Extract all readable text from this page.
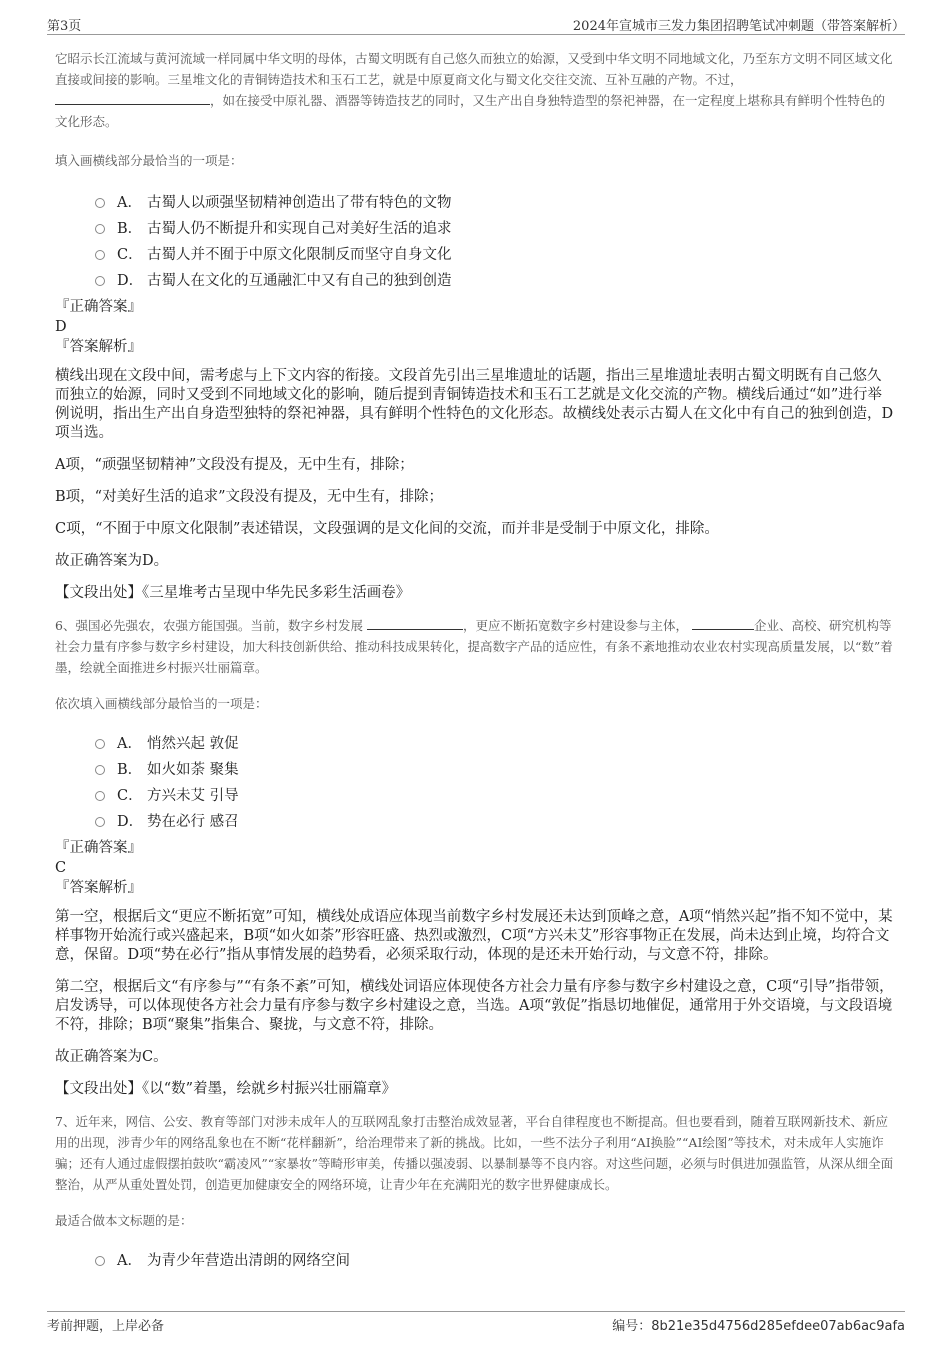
第3页	2024年宣城市三发力集团招聘笔试冲刺题（带答案解析）

它昭示长江流域与黄河流域一样同属中华文明的母体，古蜀文明既有自己悠久而独立的始源，又受到中华文明不同地域文化，乃至东方文明不同区域文化直接或间接的影响。三星堆文化的青铜铸造技术和玉石工艺，就是中原夏商文化与蜀文化交往交流、互补互融的产物。不过，，如在接受中原礼器、酒器等铸造技艺的同时，又生产出自身独特造型的祭祀神器，在一定程度上堪称具有鲜明个性特色的文化形态。

填入画横线部分最恰当的一项是：

A． 古蜀人以顽强坚韧精神创造出了带有特色的文物
B． 古蜀人仍不断提升和实现自己对美好生活的追求
C． 古蜀人并不囿于中原文化限制反而坚守自身文化
D． 古蜀人在文化的互通融汇中又有自己的独到创造

『正确答案』

D

『答案解析』

横线出现在文段中间，需考虑与上下文内容的衔接。文段首先引出三星堆遗址的话题，指出三星堆遗址表明古蜀文明既有自己悠久而独立的始源，同时又受到不同地域文化的影响，随后提到青铜铸造技术和玉石工艺就是文化交流的产物。横线后通过“如”进行举例说明，指出生产出自身造型独特的祭祀神器，具有鲜明个性特色的文化形态。故横线处表示古蜀人在文化中有自己的独到创造，D项当选。

A项，“顽强坚韧精神”文段没有提及，无中生有，排除；

B项，“对美好生活的追求”文段没有提及，无中生有，排除；

C项，“不囿于中原文化限制”表述错误，文段强调的是文化间的交流，而并非是受制于中原文化，排除。

故正确答案为D。

【文段出处】《三星堆考古呈现中华先民多彩生活画卷》

6、强国必先强农，农强方能国强。当前，数字乡村发展	，更应不断拓宽数字乡村建设参与主体，	企业、高校、研究机构等社会力量有序参与数字乡村建设，加大科技创新供给、推动科技成果转化，提高数字产品的适应性，有条不紊地推动农业农村实现高质量发展，以“数”着墨，绘就全面推进乡村振兴壮丽篇章。

依次填入画横线部分最恰当的一项是：

A． 悄然兴起 敦促
B． 如火如荼 聚集
C． 方兴未艾 引导
D． 势在必行 感召

『正确答案』

C

『答案解析』

第一空，根据后文“更应不断拓宽”可知，横线处成语应体现当前数字乡村发展还未达到顶峰之意，A项“悄然兴起”指不知不觉中，某样事物开始流行或兴盛起来，B项“如火如荼”形容旺盛、热烈或激烈，C项“方兴未艾”形容事物正在发展，尚未达到止境，均符合文意，保留。D项“势在必行”指从事情发展的趋势看，必须采取行动，体现的是还未开始行动，与文意不符，排除。

第二空，根据后文“有序参与”“有条不紊”可知，横线处词语应体现使各方社会力量有序参与数字乡村建设之意，C项“引导”指带领，启发诱导，可以体现使各方社会力量有序参与数字乡村建设之意，当选。A项“敦促”指恳切地催促，通常用于外交语境，与文段语境不符，排除；B项“聚集”指集合、聚拢，与文意不符，排除。

故正确答案为C。

【文段出处】《以“数”着墨，绘就乡村振兴壮丽篇章》

7、近年来，网信、公安、教育等部门对涉未成年人的互联网乱象打击整治成效显著，平台自律程度也不断提高。但也要看到，随着互联网新技术、新应用的出现，涉青少年的网络乱象也在不断“花样翻新”，给治理带来了新的挑战。比如，一些不法分子利用“AI换脸”“AI绘图”等技术，对未成年人实施诈骗；还有人通过虚假摆拍鼓吹“霸凌风”“家暴妆”等畸形审美，传播以强凌弱、以暴制暴等不良内容。对这些问题，必须与时俱进加强监管，从深从细全面整治，从严从重处置处罚，创造更加健康安全的网络环境，让青少年在充满阳光的数字世界健康成长。

最适合做本文标题的是：

A． 为青少年营造出清朗的网络空间
考前押题，上岸必备	编号：8b21e35d4756d285efdee07ab6ac9afa
